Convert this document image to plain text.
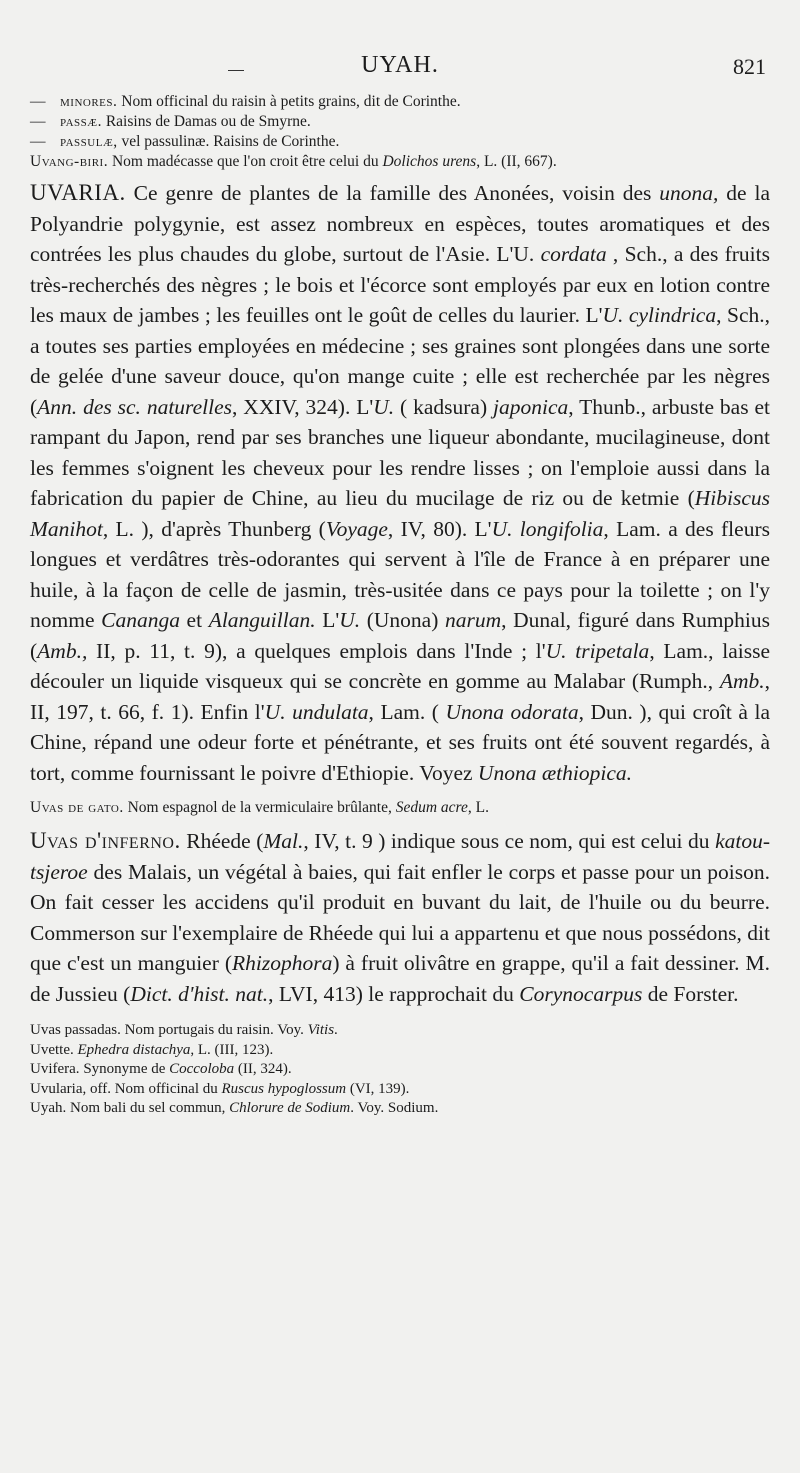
UYAH.	821

— minores. Nom officinal du raisin à petits grains, dit de Corinthe.

— passæ. Raisins de Damas ou de Smyrne.

— passulæ, vel passulinæ. Raisins de Corinthe.

Uvang-biri. Nom madécasse que l'on croit être celui du Dolichos urens, L. (II, 667).

UVARIA. Ce genre de plantes de la famille des Anonées, voisin des unona, de la Polyandrie polygynie, est assez nombreux en espèces, toutes aromatiques et des contrées les plus chaudes du globe, surtout de l'Asie. L'U. cordata , Sch., a des fruits très-recherchés des nègres ; le bois et l'écorce sont employés par eux en lotion contre les maux de jambes ; les feuilles ont le goût de celles du laurier. L'U. cylindrica, Sch., a toutes ses parties employées en médecine ; ses graines sont plongées dans une sorte de gelée d'une saveur douce, qu'on mange cuite ; elle est recherchée par les nègres (Ann. des sc. naturelles, XXIV, 324). L'U. ( kadsura) japonica, Thunb., arbuste bas et rampant du Japon, rend par ses branches une liqueur abondante, mucilagineuse, dont les femmes s'oignent les cheveux pour les rendre lisses ; on l'emploie aussi dans la fabrication du papier de Chine, au lieu du mucilage de riz ou de ketmie (Hibiscus Manihot, L. ), d'après Thunberg (Voyage, IV, 80). L'U. longifolia, Lam. a des fleurs longues et verdâtres très-odorantes qui servent à l'île de France à en préparer une huile, à la façon de celle de jasmin, très-usitée dans ce pays pour la toilette ; on l'y nomme Cananga et Alanguillan. L'U. (Unona) narum, Dunal, figuré dans Rumphius (Amb., II, p. 11, t. 9), a quelques emplois dans l'Inde ; l'U. tripetala, Lam., laisse découler un liquide visqueux qui se concrète en gomme au Malabar (Rumph., Amb., II, 197, t. 66, f. 1). Enfin l'U. undulata, Lam. ( Unona odorata, Dun. ), qui croît à la Chine, répand une odeur forte et pénétrante, et ses fruits ont été souvent regardés, à tort, comme fournissant le poivre d'Ethiopie. Voyez Unona æthiopica.

Uvas de gato. Nom espagnol de la vermiculaire brûlante, Sedum acre, L.

Uvas d'inferno. Rhéede (Mal., IV, t. 9 ) indique sous ce nom, qui est celui du katou-tsjeroe des Malais, un végétal à baies, qui fait enfler le corps et passe pour un poison. On fait cesser les accidens qu'il produit en buvant du lait, de l'huile ou du beurre. Commerson sur l'exemplaire de Rhéede qui lui a appartenu et que nous possédons, dit que c'est un manguier (Rhizophora) à fruit olivâtre en grappe, qu'il a fait dessiner. M. de Jussieu (Dict. d'hist. nat., LVI, 413) le rapprochait du Corynocarpus de Forster.

Uvas passadas. Nom portugais du raisin. Voy. Vitis.

Uvette. Ephedra distachya, L. (III, 123).

Uvifera. Synonyme de Coccoloba (II, 324).

Uvularia, off. Nom officinal du Ruscus hypoglossum (VI, 139).

Uyah. Nom bali du sel commun, Chlorure de Sodium. Voy. Sodium.
